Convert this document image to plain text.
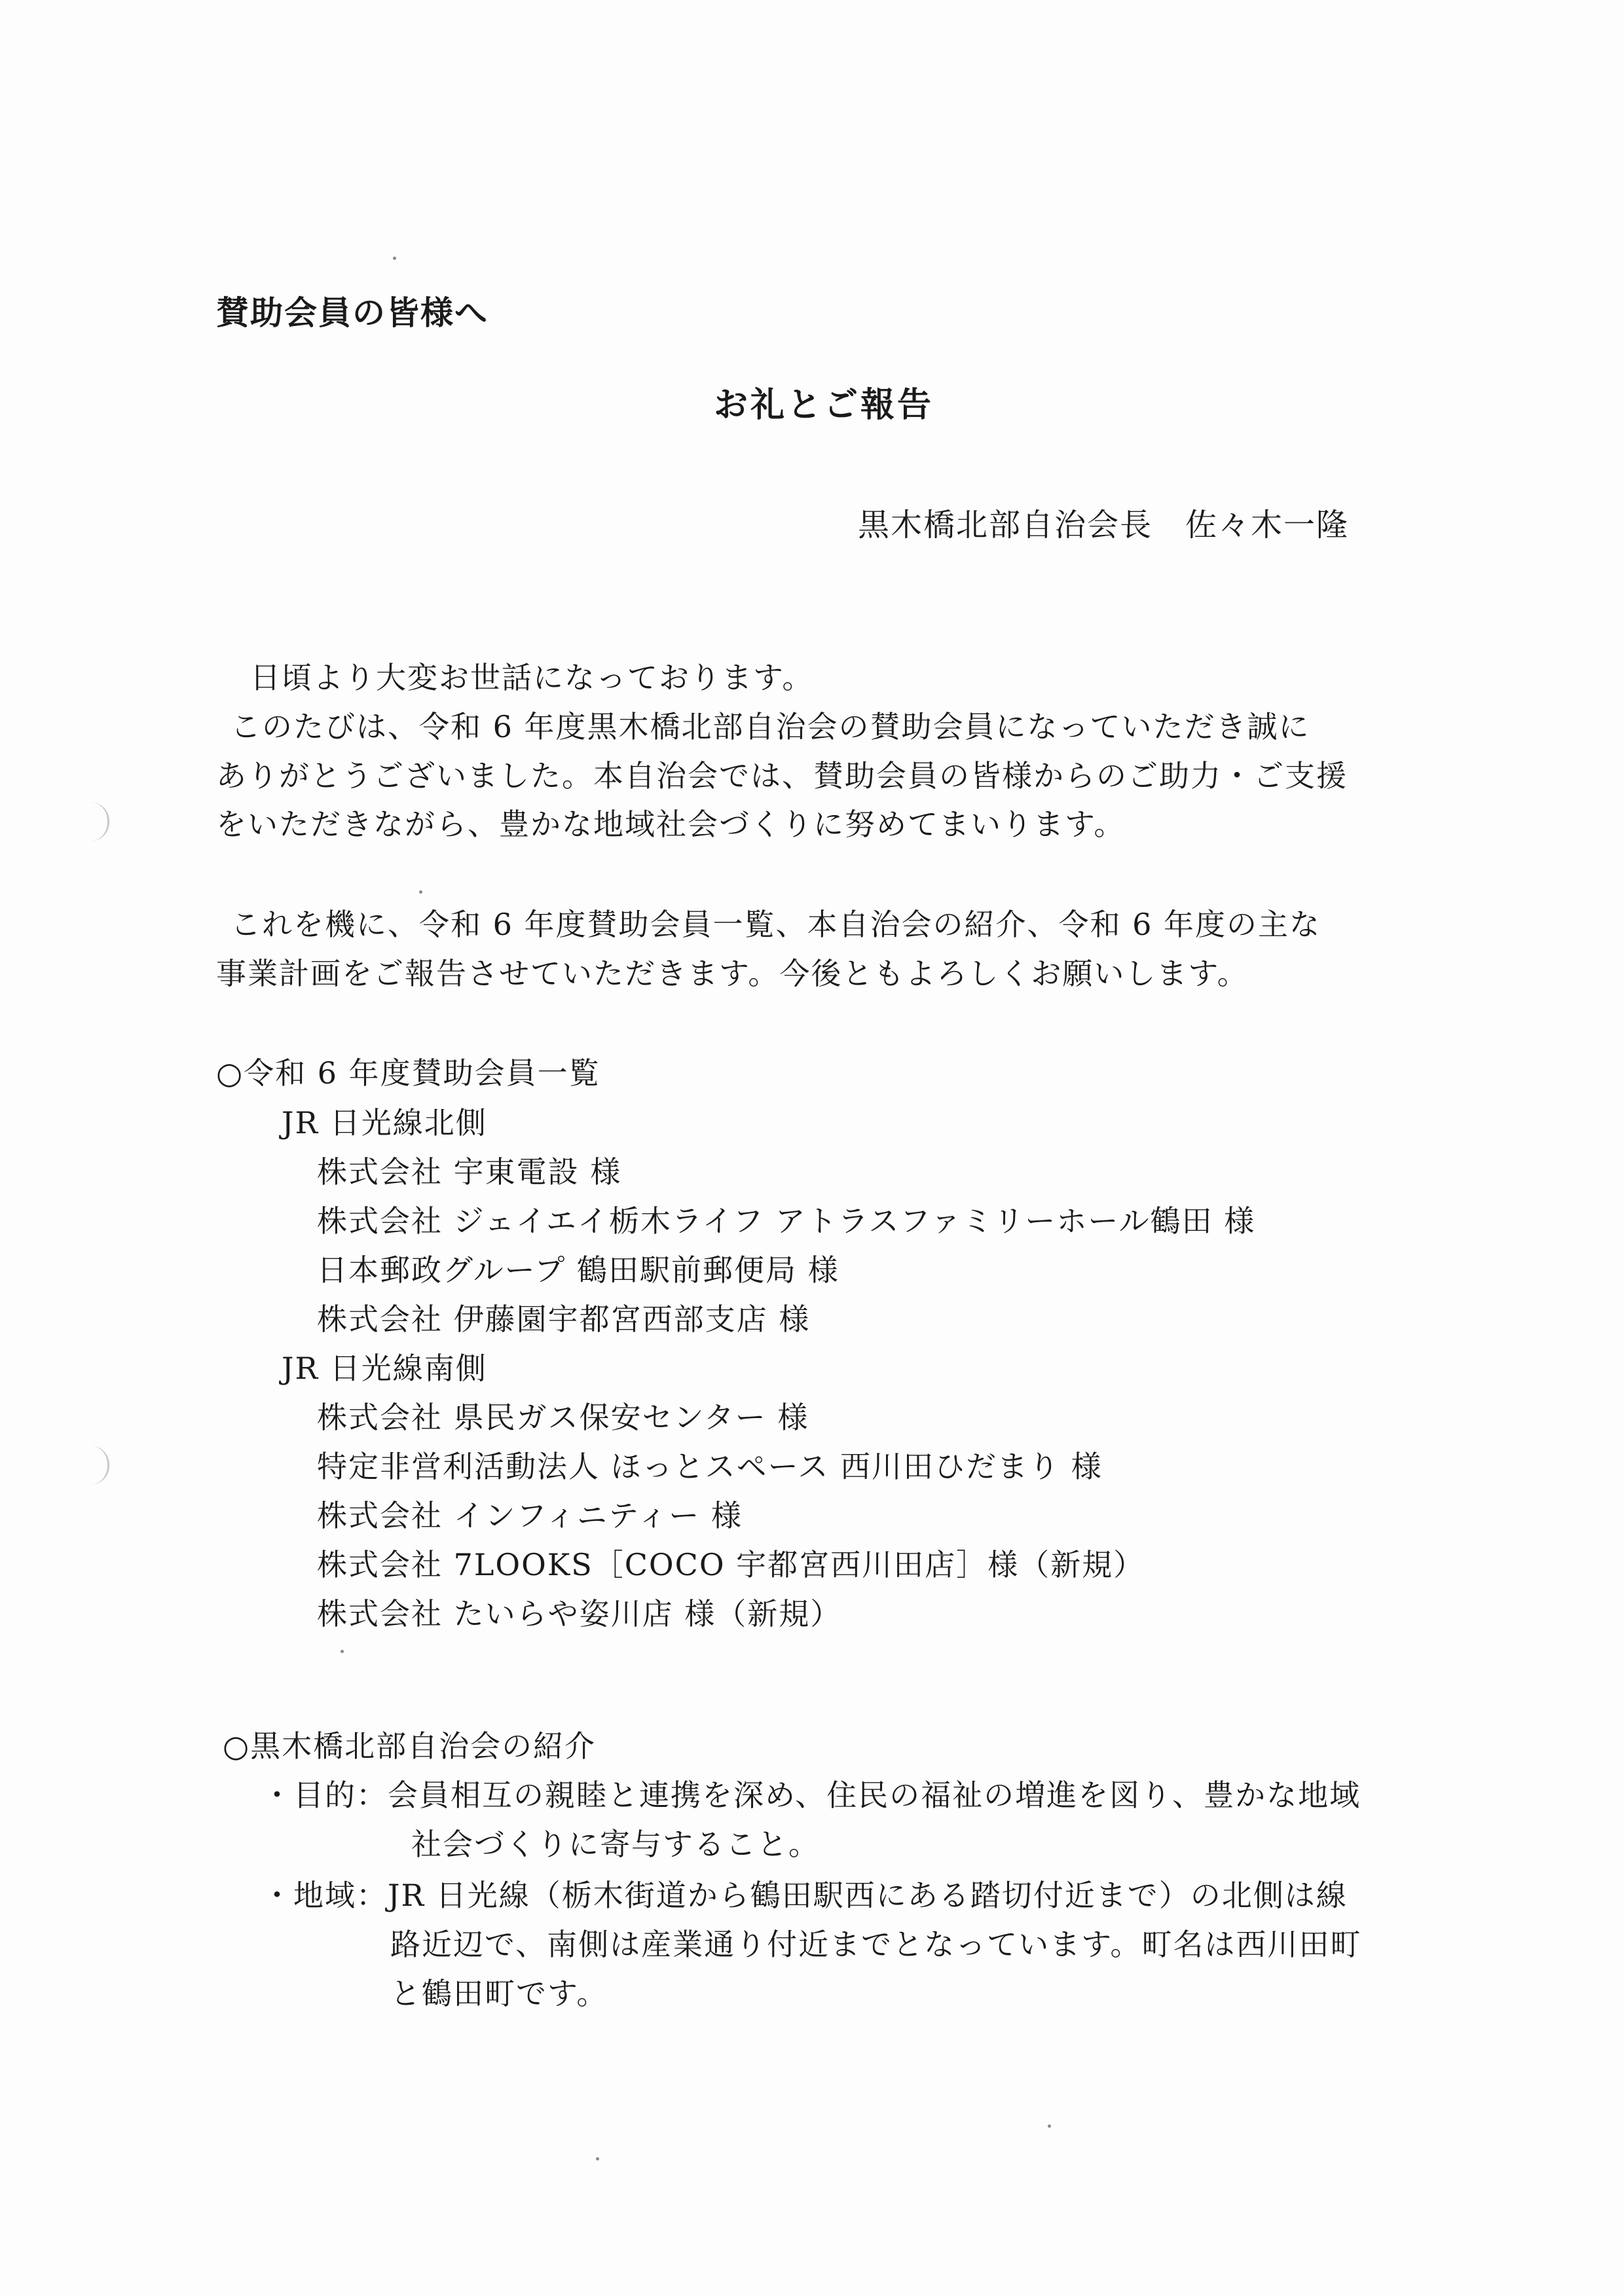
賛助会員の皆様へ
お礼とご報告
黒木橋北部自治会長　佐々木一隆
日頃より大変お世話になっております。
このたびは、令和 6 年度黒木橋北部自治会の賛助会員になっていただき誠に
ありがとうございました。本自治会では、賛助会員の皆様からのご助力・ご支援
をいただきながら、豊かな地域社会づくりに努めてまいります。
これを機に、令和 6 年度賛助会員一覧、本自治会の紹介、令和 6 年度の主な
事業計画をご報告させていただきます。今後ともよろしくお願いします。
○令和 6 年度賛助会員一覧
JR 日光線北側
株式会社 宇東電設 様
株式会社 ジェイエイ栃木ライフ アトラスファミリーホール鶴田 様
日本郵政グループ 鶴田駅前郵便局 様
株式会社 伊藤園宇都宮西部支店 様
JR 日光線南側
株式会社 県民ガス保安センター 様
特定非営利活動法人 ほっとスペース 西川田ひだまり 様
株式会社 インフィニティー 様
株式会社 7LOOKS［COCO 宇都宮西川田店］様（新規）
株式会社 たいらや姿川店 様（新規）
○黒木橋北部自治会の紹介
・目的：会員相互の親睦と連携を深め、住民の福祉の増進を図り、豊かな地域
社会づくりに寄与すること。
・地域：JR 日光線（栃木街道から鶴田駅西にある踏切付近まで）の北側は線
路近辺で、南側は産業通り付近までとなっています。町名は西川田町
と鶴田町です。
